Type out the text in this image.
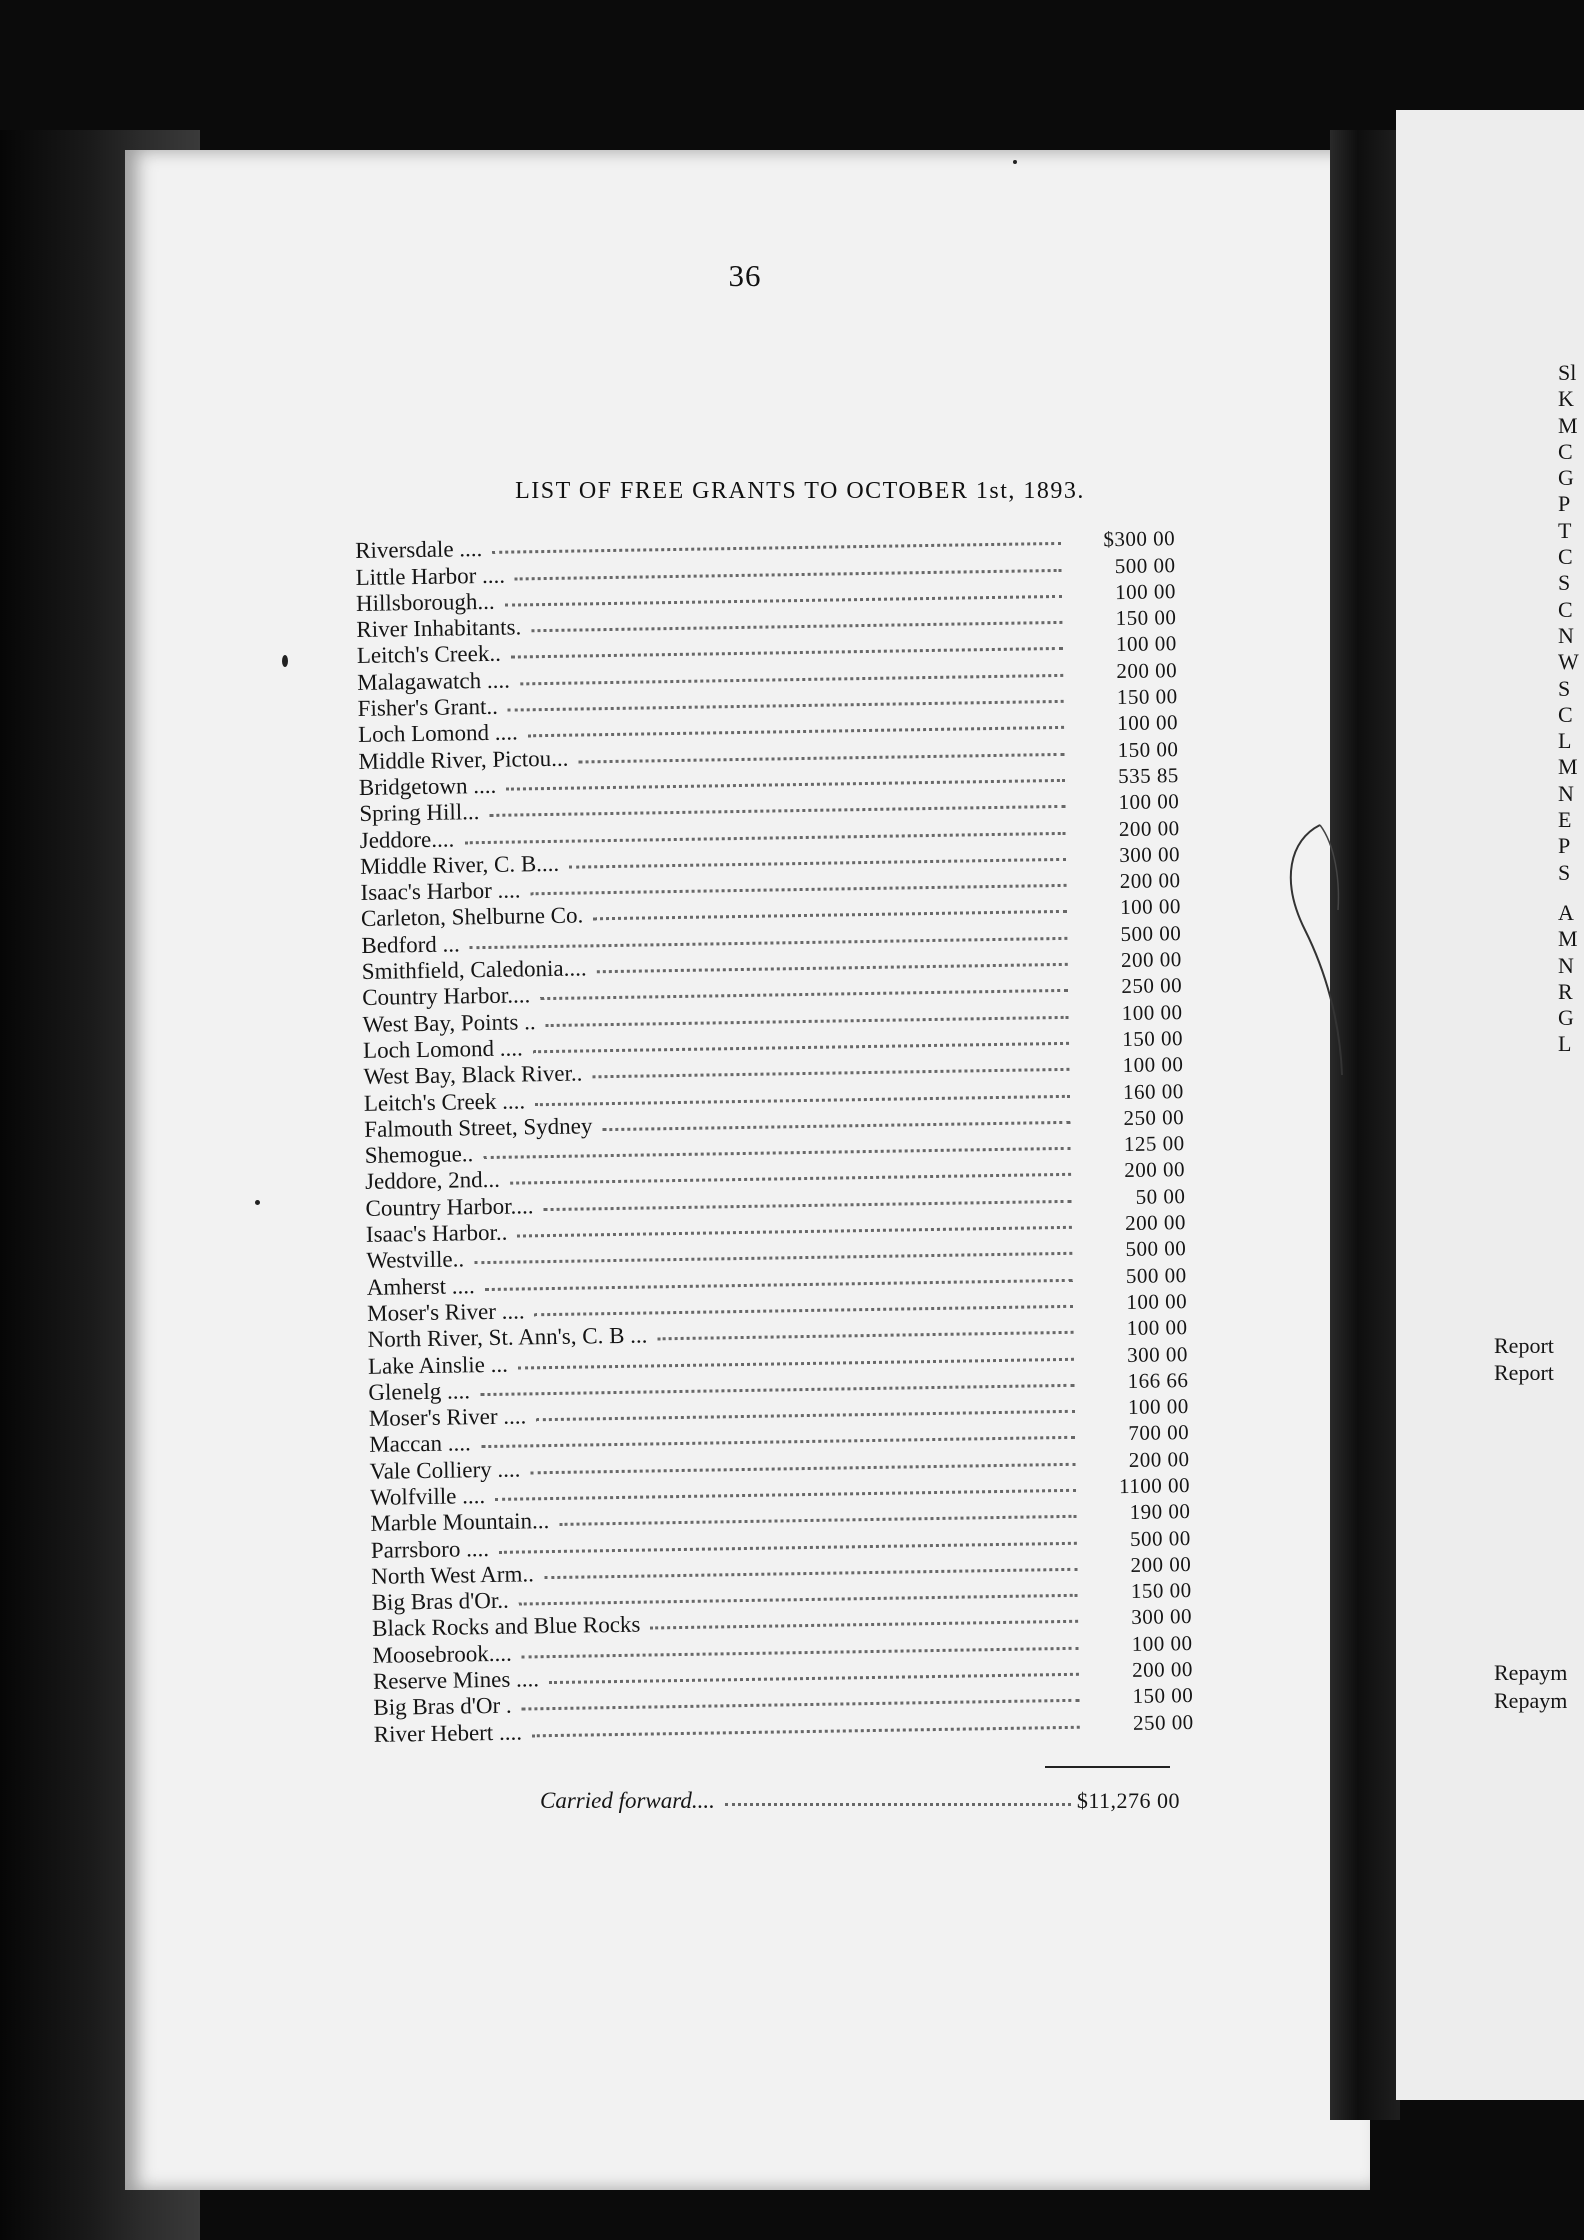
36
LIST OF FREE GRANTS TO OCTOBER 1st, 1893.
Riversdale ....	$300 00
Little Harbor ....	500 00
Hillsborough...	100 00
River Inhabitants.	150 00
Leitch's Creek..	100 00
Malagawatch ....	200 00
Fisher's Grant..	150 00
Loch Lomond ....	100 00
Middle River, Pictou...	150 00
Bridgetown ....	535 85
Spring Hill...	100 00
Jeddore....	200 00
Middle River, C. B....	300 00
Isaac's Harbor ....	200 00
Carleton, Shelburne Co.	100 00
Bedford ...	500 00
Smithfield, Caledonia....	200 00
Country Harbor....	250 00
West Bay, Points ..	100 00
Loch Lomond ....	150 00
West Bay, Black River..	100 00
Leitch's Creek ....	160 00
Falmouth Street, Sydney	250 00
Shemogue..	125 00
Jeddore, 2nd...	200 00
Country Harbor....	50 00
Isaac's Harbor..	200 00
Westville..	500 00
Amherst ....	500 00
Moser's River ....	100 00
North River, St. Ann's, C. B ...	100 00
Lake Ainslie ...	300 00
Glenelg ....	166 66
Moser's River ....	100 00
Maccan ....	700 00
Vale Colliery ....	200 00
Wolfville ....	1100 00
Marble Mountain...	190 00
Parrsboro ....	500 00
North West Arm..	200 00
Big Bras d'Or..	150 00
Black Rocks and Blue Rocks	300 00
Moosebrook....	100 00
Reserve Mines ....	200 00
Big Bras d'Or .	150 00
River Hebert ....	250 00
Carried forward....	$11,276 00
Sl
K
M
C
G
P
T
C
S
C
N
W
S
C
L
M
N
E
P
S
A
M
N
R
G
L
Report
Report
Repaym
Repaym
